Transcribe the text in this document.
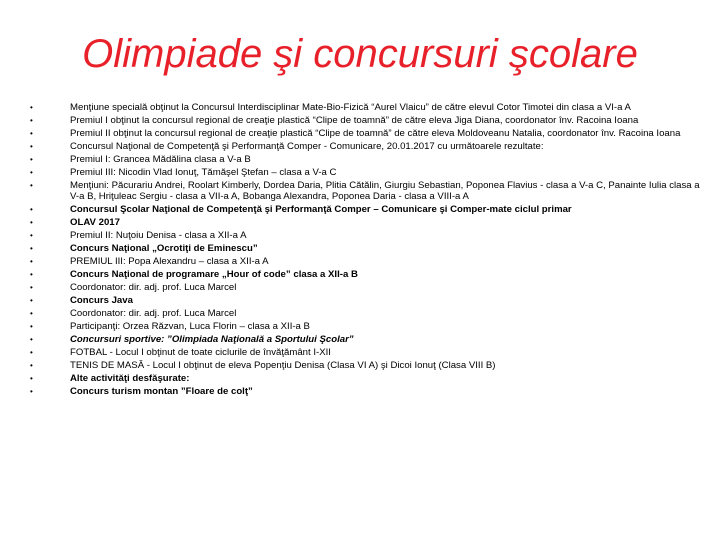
Olimpiade şi concursuri şcolare
•	Menţiune specială obţinut la Concursul Interdisciplinar Mate-Bio-Fizică “Aurel Vlaicu” de către elevul Cotor Timotei din clasa a VI-a A
•	Premiul I obţinut la concursul regional de creaţie plastică “Clipe de toamnă” de către eleva Jiga Diana, coordonator înv. Racoina Ioana
•	Premiul II obţinut la concursul regional de creaţie plastică “Clipe de toamnă” de către eleva Moldoveanu Natalia, coordonator înv. Racoina Ioana
•	Concursul Naţional de Competenţă şi Performanţă Comper - Comunicare, 20.01.2017 cu următoarele rezultate:
•	Premiul I: Grancea Mădălina clasa a V-a B
•	Premiul III: Nicodin Vlad Ionuţ, Tămăşel Ştefan – clasa a V-a C
•	Menţiuni: Păcurariu Andrei, Roolart Kimberly, Dordea Daria, Plitia Cătălin, Giurgiu Sebastian, Poponea Flavius - clasa a V-a C, Panainte Iulia clasa a V-a B, Hriţuleac Sergiu - clasa a VII-a A, Bobanga Alexandra, Poponea Daria - clasa a VIII-a A
•	Concursul Şcolar Naţional de Competenţă şi Performanţă Comper – Comunicare şi Comper-mate ciclul primar
•	OLAV 2017
•	Premiul II: Nuţoiu Denisa - clasa a XII-a A
•	Concurs Naţional „Ocrotiţi de Eminescu”
•	PREMIUL III: Popa Alexandru – clasa a XII-a A
•	Concurs Naţional de programare „Hour of code” clasa a XII-a B
•	Coordonator: dir. adj. prof. Luca Marcel
•	Concurs Java
•	Coordonator: dir. adj. prof. Luca Marcel
•	Participanţi: Orzea Răzvan, Luca Florin – clasa a XII-a B
•	Concursuri sportive: ”Olimpiada Naţională a Sportului Şcolar”
•	FOTBAL - Locul I obţinut de toate ciclurile de învăţământ I-XII
•	TENIS DE MASĂ - Locul I obţinut de eleva Popenţiu Denisa (Clasa VI A) şi Dicoi Ionuţ (Clasa VIII B)
•	Alte activităţi desfăşurate:
•	Concurs turism montan ”Floare de colţ”
